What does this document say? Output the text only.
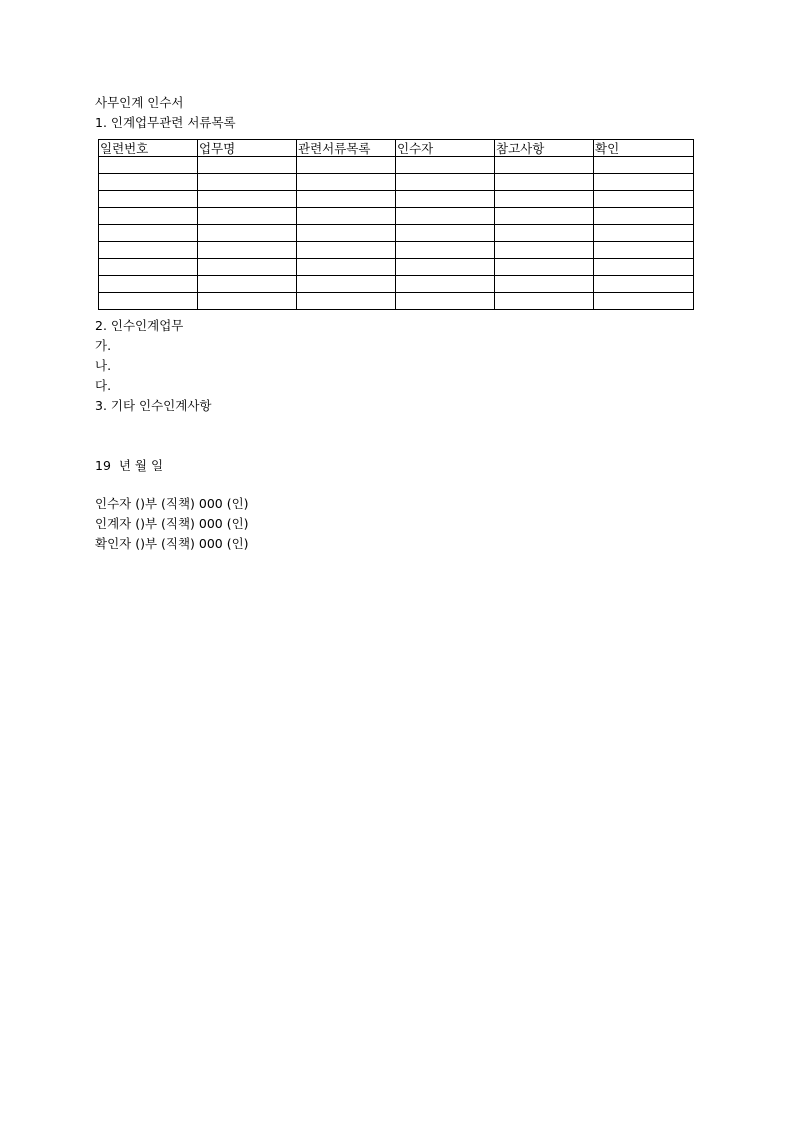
사무인계 인수서
1. 인계업무관련 서류목록
일련번호	업무명	관련서류목록	인수자	참고사항	확인

2. 인수인계업무
가.
나.
다.
3. 기타 인수인계사항
19  년 월 일
인수자 ()부 (직책) 000 (인)
인계자 ()부 (직책) 000 (인)
확인자 ()부 (직책) 000 (인)
